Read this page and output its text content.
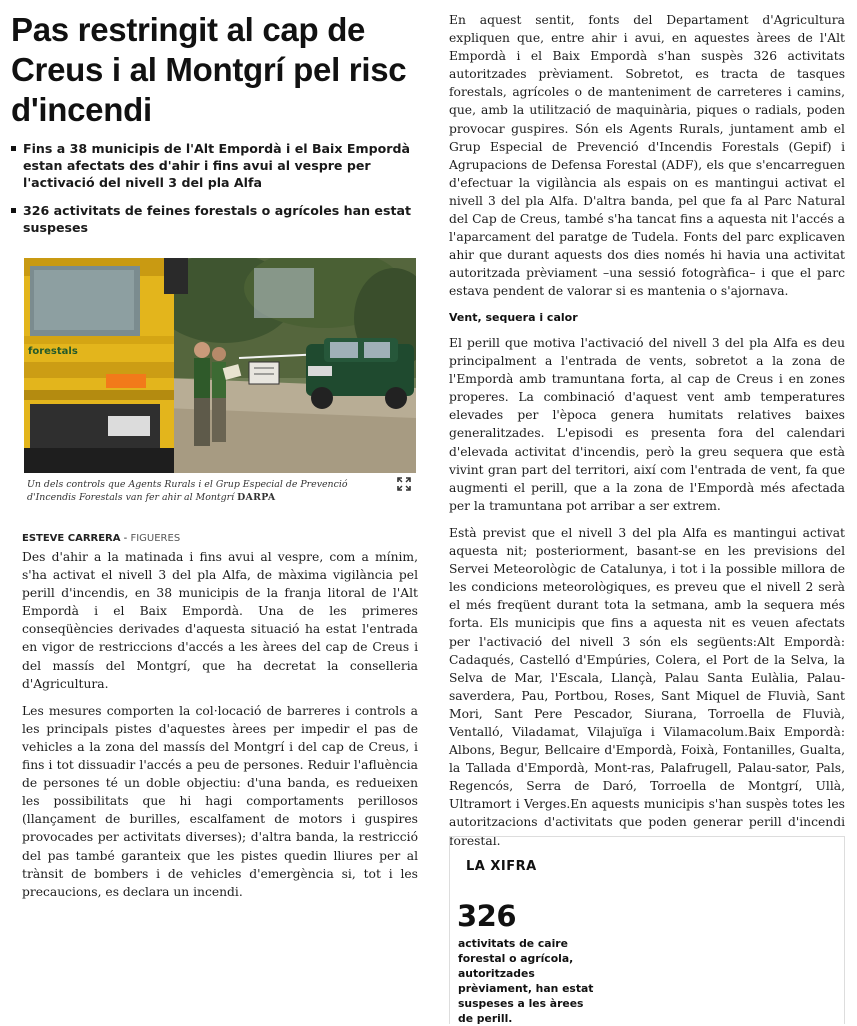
Pas restringit al cap de Creus i al Montgrí pel risc d'incendi
Fins a 38 municipis de l'Alt Empordà i el Baix Empordà estan afectats des d'ahir i fins avui al vespre per l'activació del nivell 3 del pla Alfa
326 activitats de feines forestals o agrícoles han estat suspeses
forestals

Un dels controls que Agents Rurals i el Grup Especial de Prevenció d'Incendis Forestals van fer ahir al Montgrí DARPA

ESTEVE CARRERA - FIGUERES

Des d'ahir a la matinada i fins avui al vespre, com a mínim, s'ha activat el nivell 3 del pla Alfa, de màxima vigilància pel perill d'incendis, en 38 municipis de la franja litoral de l'Alt Empordà i el Baix Empordà. Una de les primeres conseqüències derivades d'aquesta situació ha estat l'entrada en vigor de restriccions d'accés a les àrees del cap de Creus i del massís del Montgrí, que ha decretat la conselleria d'Agricultura.

Les mesures comporten la col·locació de barreres i controls a les principals pistes d'aquestes àrees per impedir el pas de vehicles a la zona del massís del Montgrí i del cap de Creus, i fins i tot dissuadir l'accés a peu de persones. Reduir l'afluència de persones té un doble objectiu: d'una banda, es redueixen les possibilitats que hi hagi comportaments perillosos (llançament de burilles, escalfament de motors i guspires provocades per activitats diverses); d'altra banda, la restricció del pas també garanteix que les pistes quedin lliures per al trànsit de bombers i de vehicles d'emergència si, tot i les precaucions, es declara un incendi.

En aquest sentit, fonts del Departament d'Agricultura expliquen que, entre ahir i avui, en aquestes àrees de l'Alt Empordà i el Baix Empordà s'han suspès 326 activitats autoritzades prèviament. Sobretot, es tracta de tasques forestals, agrícoles o de manteniment de carreteres i camins, que, amb la utilització de maquinària, piques o radials, poden provocar guspires. Són els Agents Rurals, juntament amb el Grup Especial de Prevenció d'Incendis Forestals (Gepif) i Agrupacions de Defensa Forestal (ADF), els que s'encarreguen d'efectuar la vigilància als espais on es mantingui activat el nivell 3 del pla Alfa. D'altra banda, pel que fa al Parc Natural del Cap de Creus, també s'ha tancat fins a aquesta nit l'accés a l'aparcament del paratge de Tudela. Fonts del parc explicaven ahir que durant aquests dos dies només hi havia una activitat autoritzada prèviament –una sessió fotogràfica– i que el parc estava pendent de valorar si es mantenia o s'ajornava.

Vent, sequera i calor

El perill que motiva l'activació del nivell 3 del pla Alfa es deu principalment a l'entrada de vents, sobretot a la zona de l'Empordà amb tramuntana forta, al cap de Creus i en zones properes. La combinació d'aquest vent amb temperatures elevades per l'època genera humitats relatives baixes generalitzades. L'episodi es presenta fora del calendari d'elevada activitat d'incendis, però la greu sequera que està vivint gran part del territori, així com l'entrada de vent, fa que augmenti el perill, que a la zona de l'Empordà més afectada per la tramuntana pot arribar a ser extrem.

Està previst que el nivell 3 del pla Alfa es mantingui activat aquesta nit; posteriorment, basant-se en les previsions del Servei Meteorològic de Catalunya, i tot i la possible millora de les condicions meteorològiques, es preveu que el nivell 2 serà el més freqüent durant tota la setmana, amb la sequera més forta. Els municipis que fins a aquesta nit es veuen afectats per l'activació del nivell 3 són els següents:Alt Empordà: Cadaqués, Castelló d'Empúries, Colera, el Port de la Selva, la Selva de Mar, l'Escala, Llançà, Palau Santa Eulàlia, Palau-saverdera, Pau, Portbou, Roses, Sant Miquel de Fluvià, Sant Mori, Sant Pere Pescador, Siurana, Torroella de Fluvià, Ventalló, Viladamat, Vilajuïga i Vilamacolum.Baix Empordà: Albons, Begur, Bellcaire d'Empordà, Foixà, Fontanilles, Gualta, la Tallada d'Empordà, Mont-ras, Palafrugell, Palau-sator, Pals, Regencós, Serra de Daró, Torroella de Montgrí, Ullà, Ultramort i Verges.En aquests municipis s'han suspès totes les autoritzacions d'activitats que poden generar perill d'incendi forestal.

LA XIFRA

326

activitats de caire forestal o agrícola, autoritzades prèviament, han estat suspeses a les àrees de perill.
